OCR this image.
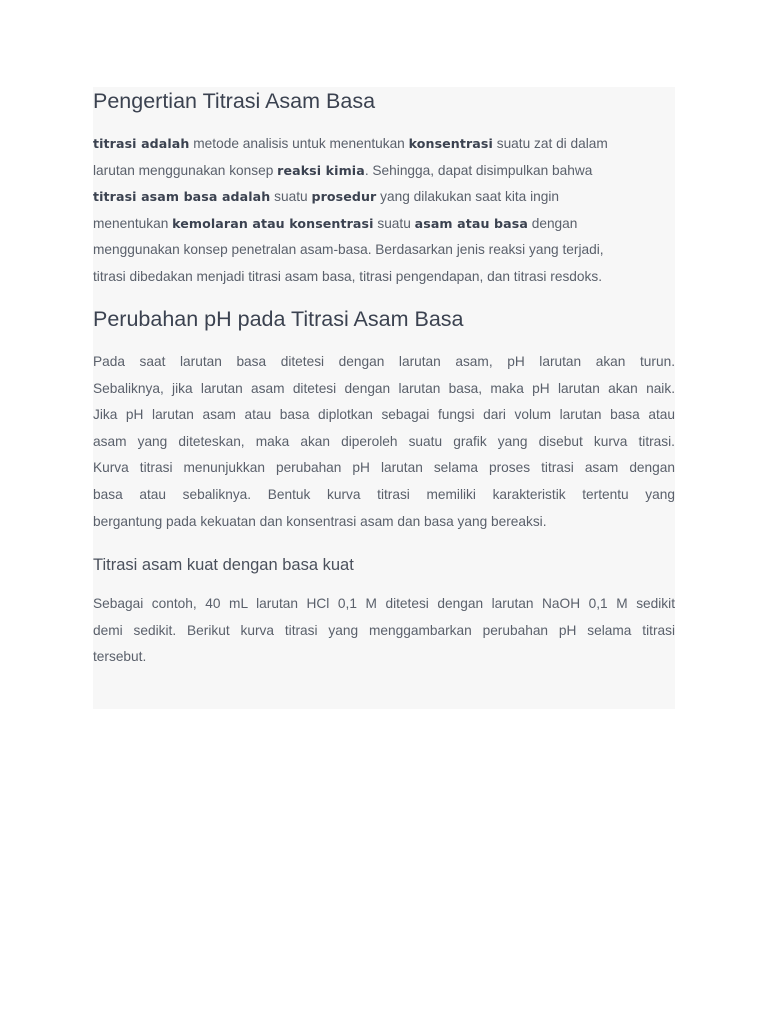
Pengertian Titrasi Asam Basa

titrasi adalah metode analisis untuk menentukan konsentrasi suatu zat di dalam
larutan menggunakan konsep reaksi kimia. Sehingga, dapat disimpulkan bahwa
titrasi asam basa adalah suatu prosedur yang dilakukan saat kita ingin
menentukan kemolaran atau konsentrasi suatu asam atau basa dengan
menggunakan konsep penetralan asam-basa. Berdasarkan jenis reaksi yang terjadi,
titrasi dibedakan menjadi titrasi asam basa, titrasi pengendapan, dan titrasi resdoks.

Perubahan pH pada Titrasi Asam Basa

Pada saat larutan basa ditetesi dengan larutan asam, pH larutan akan turun.
Sebaliknya, jika larutan asam ditetesi dengan larutan basa, maka pH larutan akan naik.
Jika pH larutan asam atau basa diplotkan sebagai fungsi dari volum larutan basa atau
asam yang diteteskan, maka akan diperoleh suatu grafik yang disebut kurva titrasi.
Kurva titrasi menunjukkan perubahan pH larutan selama proses titrasi asam dengan
basa atau sebaliknya. Bentuk kurva titrasi memiliki karakteristik tertentu yang
bergantung pada kekuatan dan konsentrasi asam dan basa yang bereaksi.

Titrasi asam kuat dengan basa kuat

Sebagai contoh, 40 mL larutan HCl 0,1 M ditetesi dengan larutan NaOH 0,1 M sedikit
demi sedikit. Berikut kurva titrasi yang menggambarkan perubahan pH selama titrasi
tersebut.
